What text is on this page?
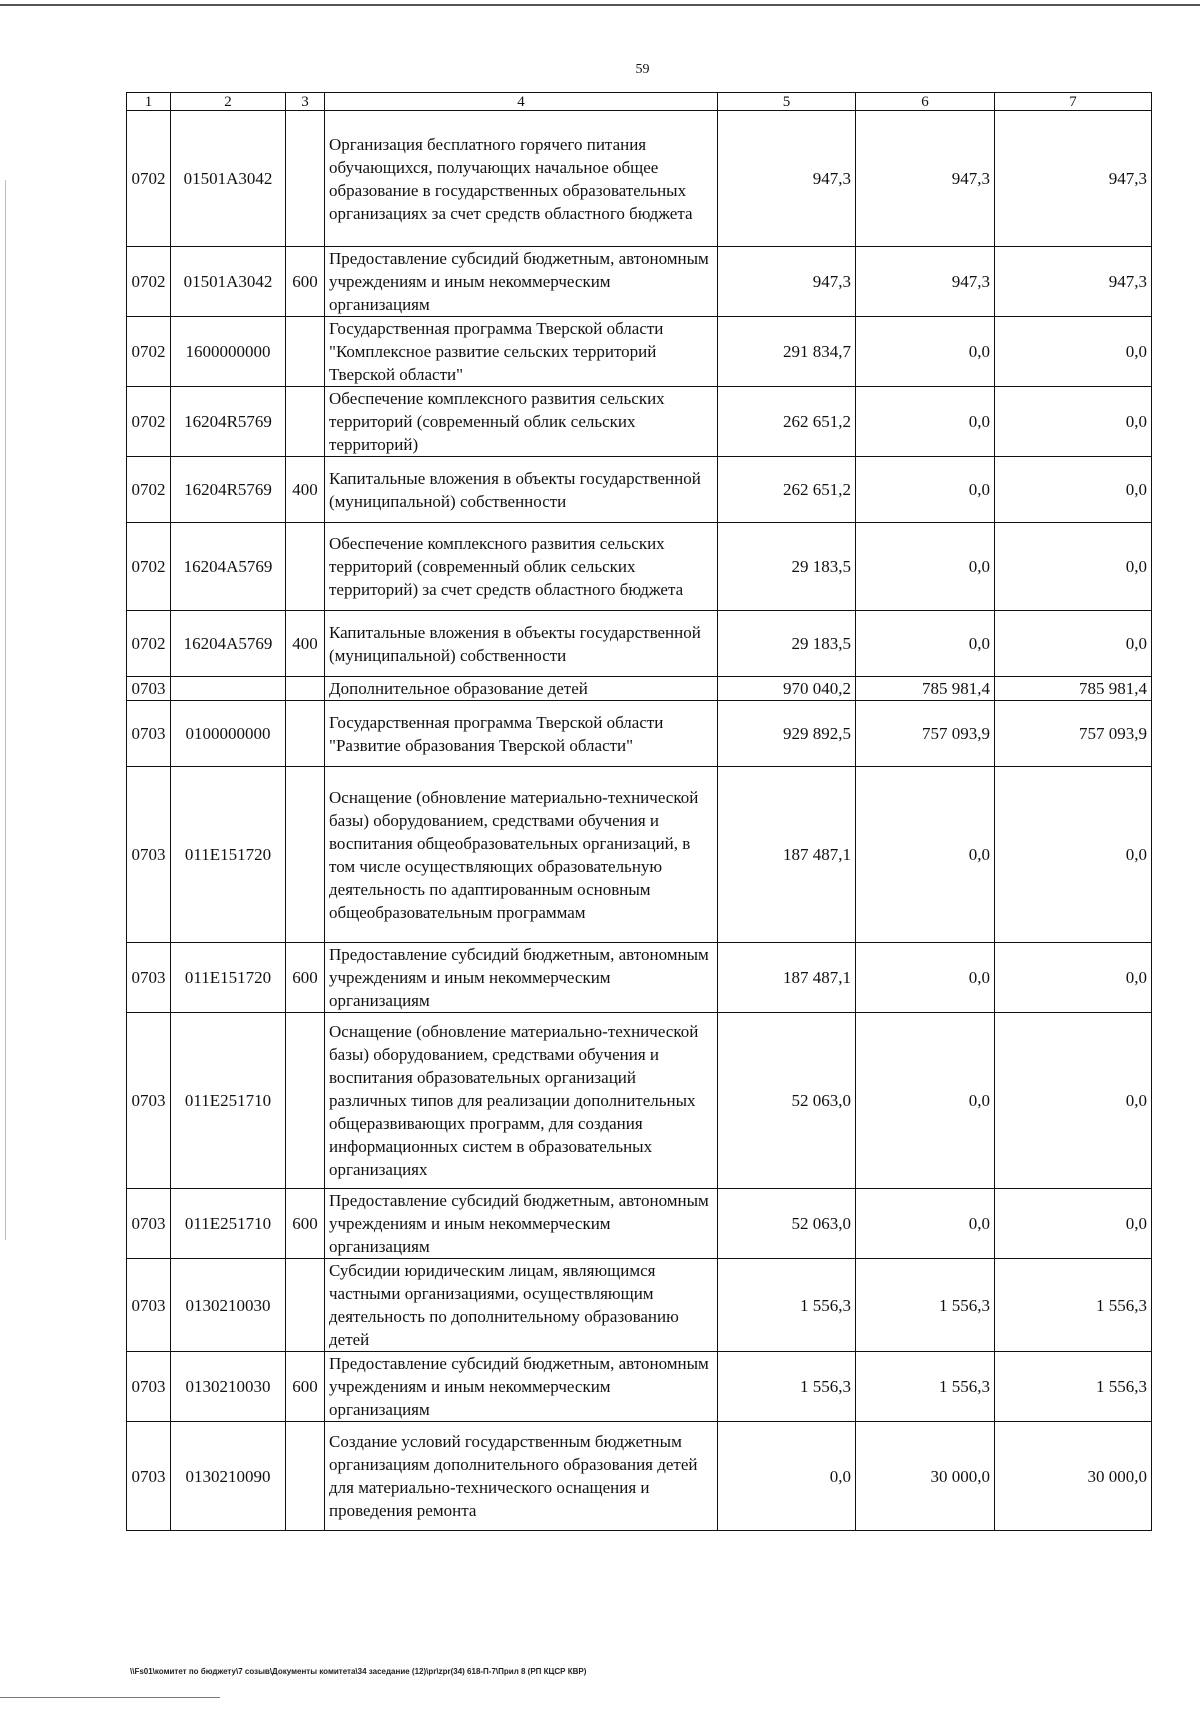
59
1	2	3	4	5	6	7
0702	01501A3042		Организация бесплатного горячего питания обучающихся, получающих начальное общее образование в государственных образовательных организациях за счет средств областного бюджета	947,3	947,3	947,3
0702	01501A3042	600	Предоставление субсидий бюджетным, автономным учреждениям и иным некоммерческим организациям	947,3	947,3	947,3
0702	1600000000		Государственная программа Тверской области "Комплексное развитие сельских территорий Тверской области"	291 834,7	0,0	0,0
0702	16204R5769		Обеспечение комплексного развития сельских территорий (современный облик сельских территорий)	262 651,2	0,0	0,0
0702	16204R5769	400	Капитальные вложения в объекты государственной (муниципальной) собственности	262 651,2	0,0	0,0
0702	16204A5769		Обеспечение комплексного развития сельских территорий (современный облик сельских территорий) за счет средств областного бюджета	29 183,5	0,0	0,0
0702	16204A5769	400	Капитальные вложения в объекты государственной (муниципальной) собственности	29 183,5	0,0	0,0
0703			Дополнительное образование детей	970 040,2	785 981,4	785 981,4
0703	0100000000		Государственная программа Тверской области "Развитие образования Тверской области"	929 892,5	757 093,9	757 093,9
0703	011E151720		Оснащение (обновление материально-технической базы) оборудованием, средствами обучения и воспитания общеобразовательных организаций, в том числе осуществляющих образовательную деятельность по адаптированным основным общеобразовательным программам	187 487,1	0,0	0,0
0703	011E151720	600	Предоставление субсидий бюджетным, автономным учреждениям и иным некоммерческим организациям	187 487,1	0,0	0,0
0703	011E251710		Оснащение (обновление материально-технической базы) оборудованием, средствами обучения и воспитания образовательных организаций различных типов для реализации дополнительных общеразвивающих программ, для создания информационных систем в образовательных организациях	52 063,0	0,0	0,0
0703	011E251710	600	Предоставление субсидий бюджетным, автономным учреждениям и иным некоммерческим организациям	52 063,0	0,0	0,0
0703	0130210030		Субсидии юридическим лицам, являющимся частными организациями, осуществляющим деятельность по дополнительному образованию детей	1 556,3	1 556,3	1 556,3
0703	0130210030	600	Предоставление субсидий бюджетным, автономным учреждениям и иным некоммерческим организациям	1 556,3	1 556,3	1 556,3
0703	0130210090		Создание условий государственным бюджетным организациям дополнительного образования детей для материально-технического оснащения и проведения ремонта	0,0	30 000,0	30 000,0
\\Fs01\комитет по бюджету\7 созыв\Документы комитета\34 заседание (12)\pr\zpr(34) 618-П-7\Прил 8 (РП КЦСР КВР)
